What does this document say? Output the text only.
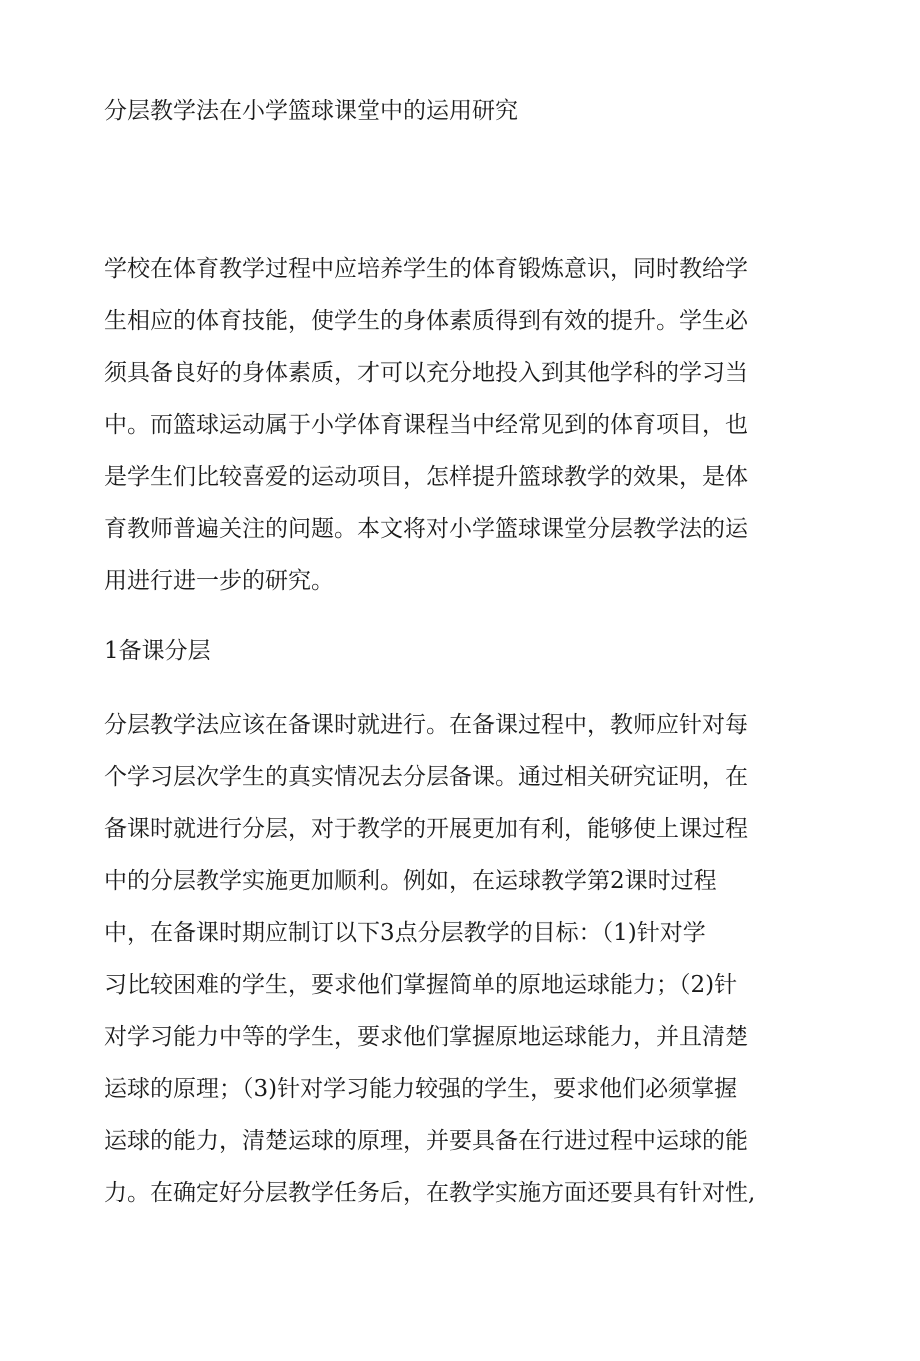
分层教学法在小学篮球课堂中的运用研究

学校在体育教学过程中应培养学生的体育锻炼意识，同时教给学

生相应的体育技能，使学生的身体素质得到有效的提升。学生必

须具备良好的身体素质，才可以充分地投入到其他学科的学习当

中。而篮球运动属于小学体育课程当中经常见到的体育项目，也

是学生们比较喜爱的运动项目，怎样提升篮球教学的效果，是体

育教师普遍关注的问题。本文将对小学篮球课堂分层教学法的运

用进行进一步的研究。

1备课分层

分层教学法应该在备课时就进行。在备课过程中，教师应针对每

个学习层次学生的真实情况去分层备课。通过相关研究证明，在

备课时就进行分层，对于教学的开展更加有利，能够使上课过程

中的分层教学实施更加顺利。例如，在运球教学第2课时过程

中，在备课时期应制订以下3点分层教学的目标：（1)针对学

习比较困难的学生，要求他们掌握简单的原地运球能力；（2)针

对学习能力中等的学生，要求他们掌握原地运球能力，并且清楚

运球的原理；（3)针对学习能力较强的学生，要求他们必须掌握

运球的能力，清楚运球的原理，并要具备在行进过程中运球的能

力。在确定好分层教学任务后，在教学实施方面还要具有针对性,
